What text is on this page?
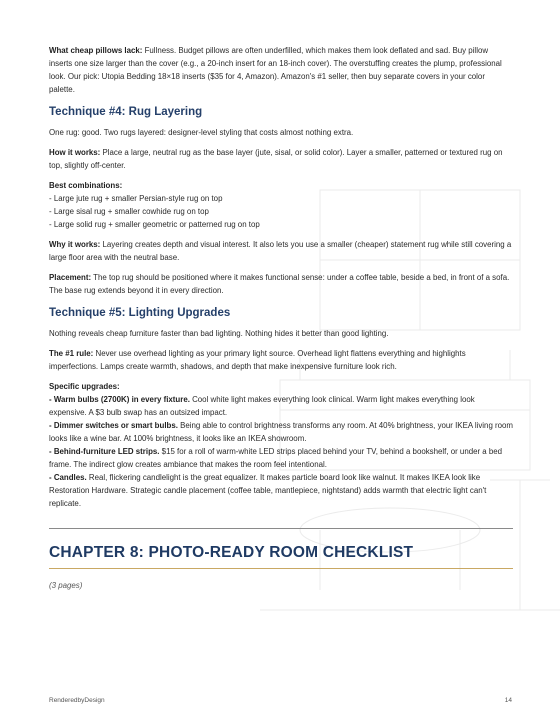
What cheap pillows lack: Fullness. Budget pillows are often underfilled, which makes them look deflated and sad. Buy pillow inserts one size larger than the cover (e.g., a 20-inch insert for an 18-inch cover). The overstuffing creates the plump, professional look. Our pick: Utopia Bedding 18×18 inserts ($35 for 4, Amazon). Amazon's #1 seller, then buy separate covers in your color palette.

Technique #4: Rug Layering

One rug: good. Two rugs layered: designer-level styling that costs almost nothing extra.

How it works: Place a large, neutral rug as the base layer (jute, sisal, or solid color). Layer a smaller, patterned or textured rug on top, slightly off-center.

Best combinations:
- Large jute rug + smaller Persian-style rug on top
- Large sisal rug + smaller cowhide rug on top
- Large solid rug + smaller geometric or patterned rug on top

Why it works: Layering creates depth and visual interest. It also lets you use a smaller (cheaper) statement rug while still covering a large floor area with the neutral base.

Placement: The top rug should be positioned where it makes functional sense: under a coffee table, beside a bed, in front of a sofa. The base rug extends beyond it in every direction.

Technique #5: Lighting Upgrades

Nothing reveals cheap furniture faster than bad lighting. Nothing hides it better than good lighting.

The #1 rule: Never use overhead lighting as your primary light source. Overhead light flattens everything and highlights imperfections. Lamps create warmth, shadows, and depth that make inexpensive furniture look rich.

Specific upgrades:
- Warm bulbs (2700K) in every fixture. Cool white light makes everything look clinical. Warm light makes everything look expensive. A $3 bulb swap has an outsized impact.
- Dimmer switches or smart bulbs. Being able to control brightness transforms any room. At 40% brightness, your IKEA living room looks like a wine bar. At 100% brightness, it looks like an IKEA showroom.
- Behind-furniture LED strips. $15 for a roll of warm-white LED strips placed behind your TV, behind a bookshelf, or under a bed frame. The indirect glow creates ambiance that makes the room feel intentional.
- Candles. Real, flickering candlelight is the great equalizer. It makes particle board look like walnut. It makes IKEA look like Restoration Hardware. Strategic candle placement (coffee table, mantlepiece, nightstand) adds warmth that electric light can't replicate.
CHAPTER 8: PHOTO-READY ROOM CHECKLIST
(3 pages)
RenderedbyDesign	14
